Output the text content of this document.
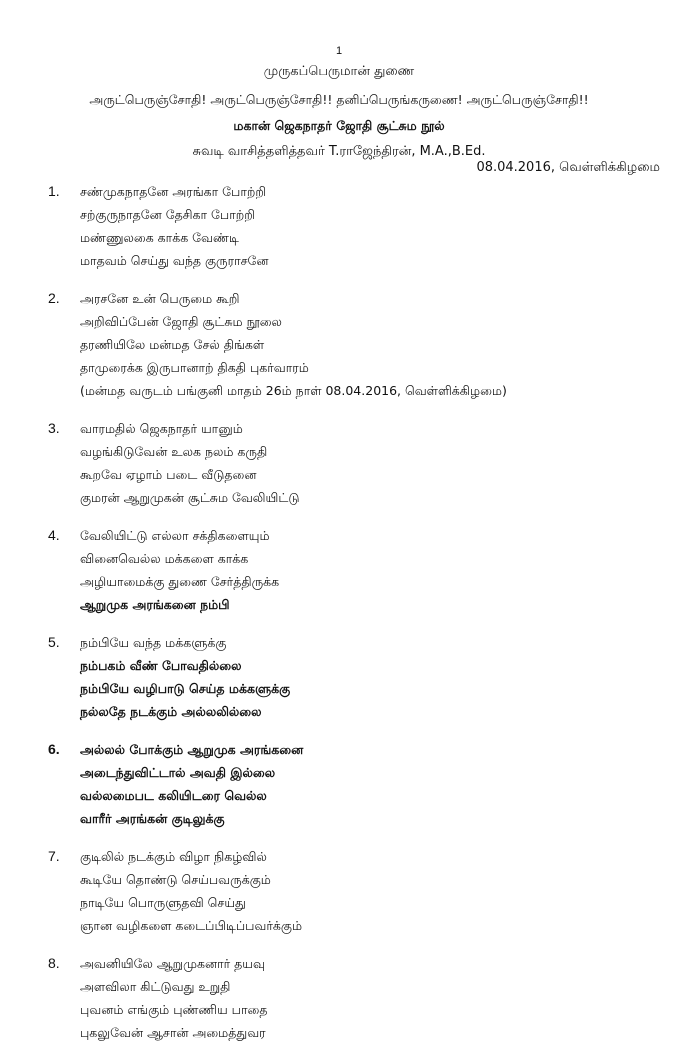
1
முருகப்பெருமான் துணை
அருட்பெருஞ்சோதி! அருட்பெருஞ்சோதி!! தனிப்பெருங்கருணை! அருட்பெருஞ்சோதி!!
மகான் ஜெகநாதர் ஜோதி சூட்சும நூல்
சுவடி வாசித்தளித்தவர் T.ராஜேந்திரன், M.A.,B.Ed.
08.04.2016, வெள்ளிக்கிழமை
1. சண்முகநாதனே அரங்கா போற்றி
சற்குருநாதனே தேசிகா போற்றி
மண்ணுலகை காக்க வேண்டி
மாதவம் செய்து வந்த குருராசனே
2. அரசனே உன் பெருமை கூறி
அறிவிப்பேன் ஜோதி சூட்சும நூலை
தரணியிலே மன்மத சேல் திங்கள்
தாமுரைக்க இருபானாற் திகதி புகர்வாரம்
(மன்மத வருடம் பங்குனி மாதம் 26ம் நாள் 08.04.2016, வெள்ளிக்கிழமை)
3. வாரமதில் ஜெகநாதர் யானும்
வழங்கிடுவேன் உலக நலம் கருதி
கூறவே ஏழாம் படை வீடுதனை
குமரன் ஆறுமுகன் சூட்சும வேலியிட்டு
4. வேலியிட்டு எல்லா சக்திகளையும்
வினைவெல்ல மக்களை காக்க
அழியாமைக்கு துணை சேர்த்திருக்க
ஆறுமுக அரங்கனை நம்பி
5. நம்பியே வந்த மக்களுக்கு
நம்பகம் வீண் போவதில்லை
நம்பியே வழிபாடு செய்த மக்களுக்கு
நல்லதே நடக்கும் அல்லலில்லை
6. அல்லல் போக்கும் ஆறுமுக அரங்கனை
அடைந்துவிட்டால் அவதி இல்லை
வல்லமைபட கலியிடரை வெல்ல
வாரீர் அரங்கன் குடிலுக்கு
7. குடிலில் நடக்கும் விழா நிகழ்வில்
கூடியே தொண்டு செய்பவருக்கும்
நாடியே பொருளுதவி செய்து
ஞான வழிகளை கடைப்பிடிப்பவர்க்கும்
8. அவனியிலே ஆறுமுகனார் தயவு
அளவிலா கிட்டுவது உறுதி
புவனம் எங்கும் புண்ணிய பாதை
புகலுவேன் ஆசான் அமைத்துவர
